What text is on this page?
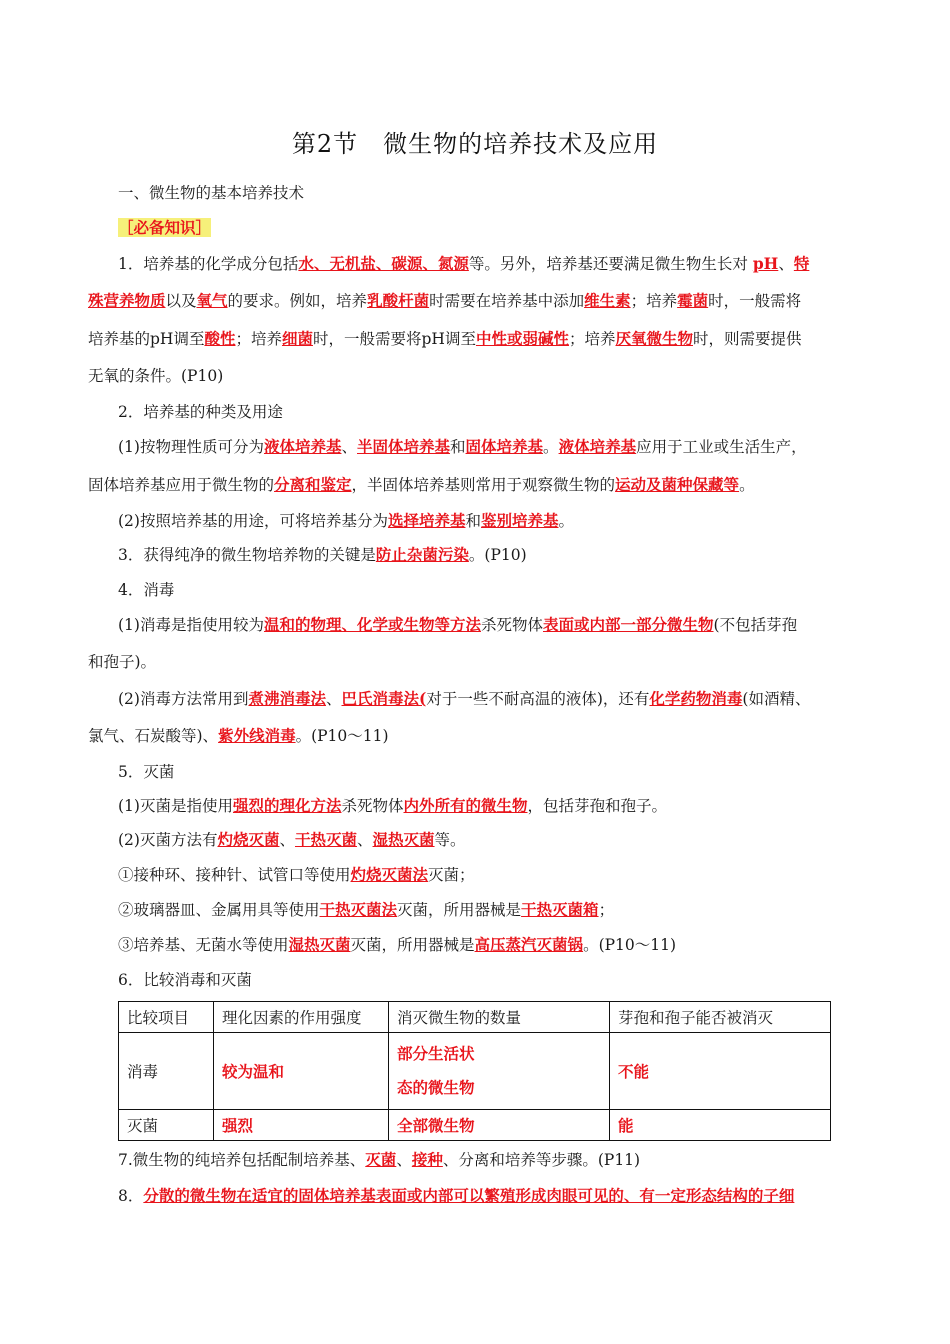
第2节　微生物的培养技术及应用
一、微生物的基本培养技术
［必备知识］
1．培养基的化学成分包括水、无机盐、碳源、氮源等。另外，培养基还要满足微生物生长对 pH、特
殊营养物质以及氧气的要求。例如，培养乳酸杆菌时需要在培养基中添加维生素；培养霉菌时，一般需将
培养基的pH调至酸性；培养细菌时，一般需要将pH调至中性或弱碱性；培养厌氧微生物时，则需要提供
无氧的条件。(P10)
2．培养基的种类及用途
(1)按物理性质可分为液体培养基、半固体培养基和固体培养基。液体培养基应用于工业或生活生产，
固体培养基应用于微生物的分离和鉴定，半固体培养基则常用于观察微生物的运动及菌种保藏等。
(2)按照培养基的用途，可将培养基分为选择培养基和鉴别培养基。
3．获得纯净的微生物培养物的关键是防止杂菌污染。(P10)
4．消毒
(1)消毒是指使用较为温和的物理、化学或生物等方法杀死物体表面或内部一部分微生物(不包括芽孢
和孢子)。
(2)消毒方法常用到煮沸消毒法、巴氏消毒法(对于一些不耐高温的液体)，还有化学药物消毒(如酒精、
氯气、石炭酸等)、紫外线消毒。(P10～11)
5．灭菌
(1)灭菌是指使用强烈的理化方法杀死物体内外所有的微生物，包括芽孢和孢子。
(2)灭菌方法有灼烧灭菌、干热灭菌、湿热灭菌等。
①接种环、接种针、试管口等使用灼烧灭菌法灭菌；
②玻璃器皿、金属用具等使用干热灭菌法灭菌，所用器械是干热灭菌箱；
③培养基、无菌水等使用湿热灭菌灭菌，所用器械是高压蒸汽灭菌锅。(P10～11)
6．比较消毒和灭菌
比较项目	理化因素的作用强度	消灭微生物的数量	芽孢和孢子能否被消灭
消毒	较为温和	部分生活状
态的微生物	不能
灭菌	强烈	全部微生物	能
7.微生物的纯培养包括配制培养基、灭菌、接种、分离和培养等步骤。(P11)
8．分散的微生物在适宜的固体培养基表面或内部可以繁殖形成肉眼可见的、有一定形态结构的子细
